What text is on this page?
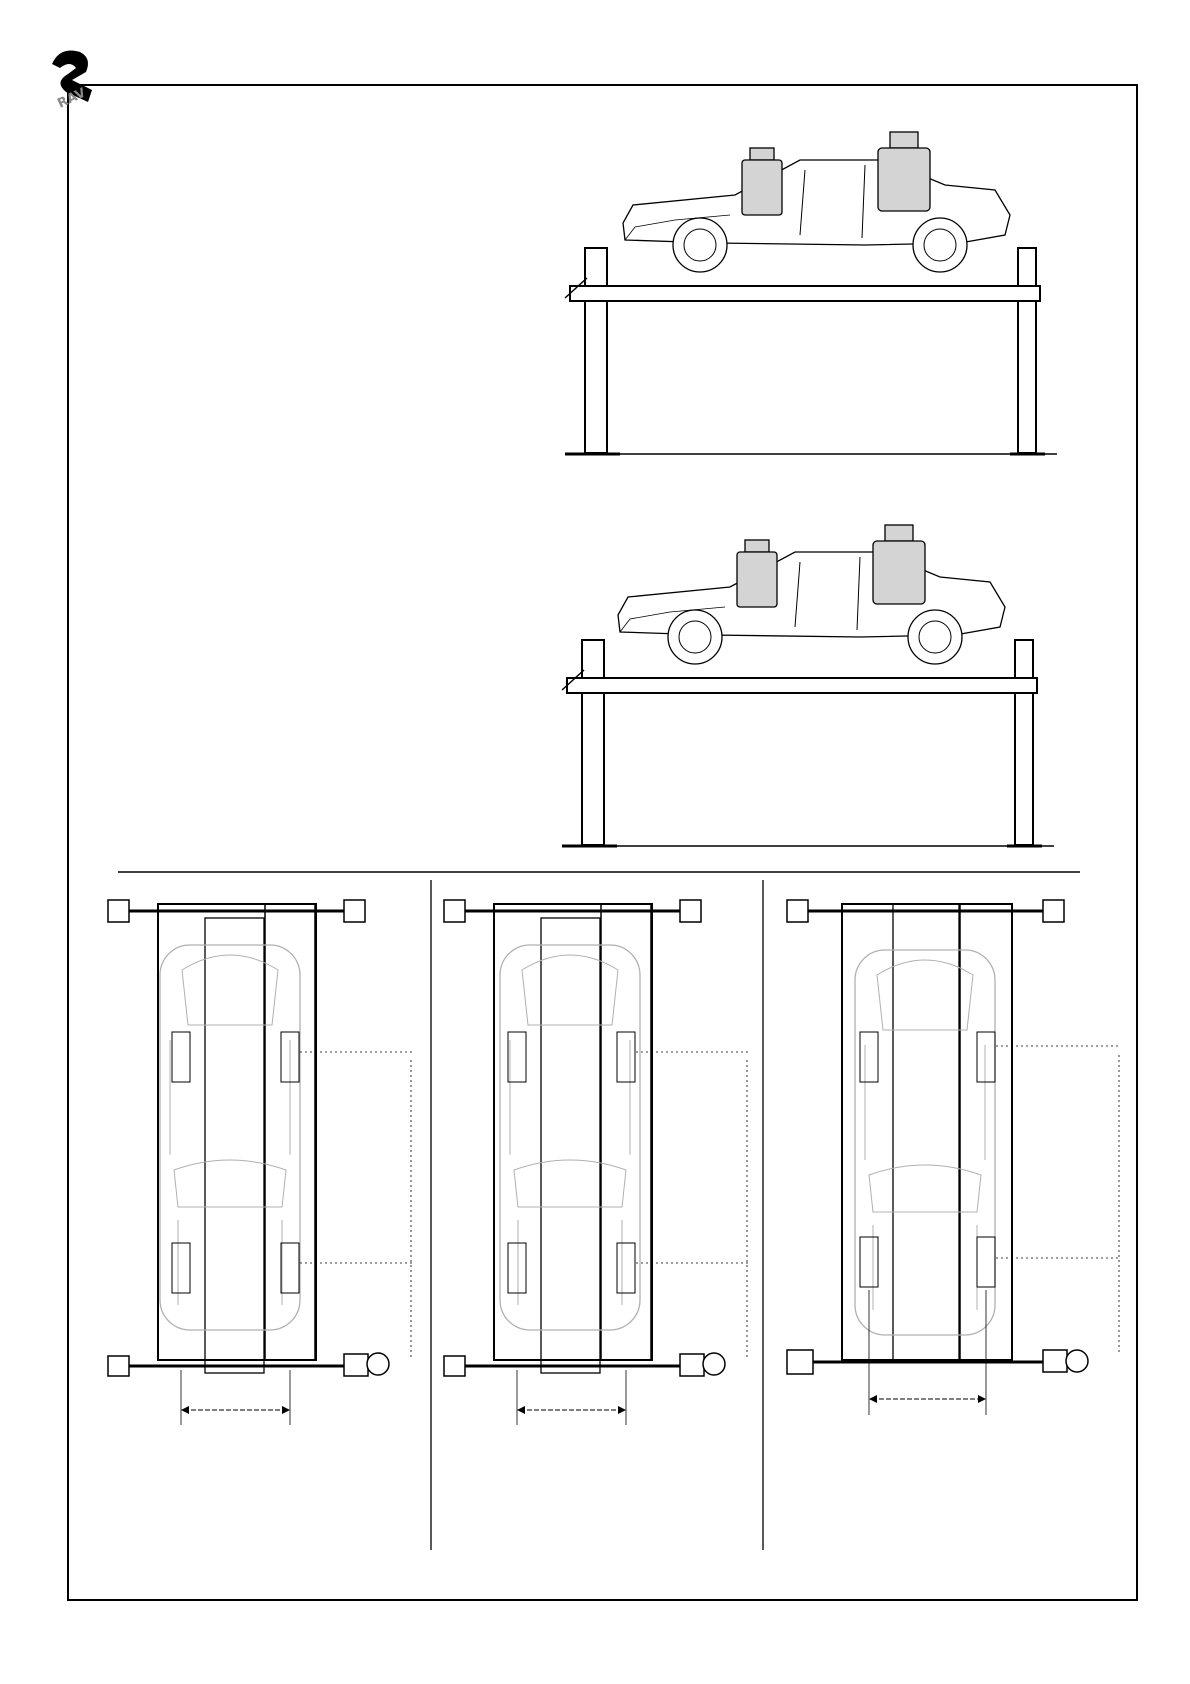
RAV
